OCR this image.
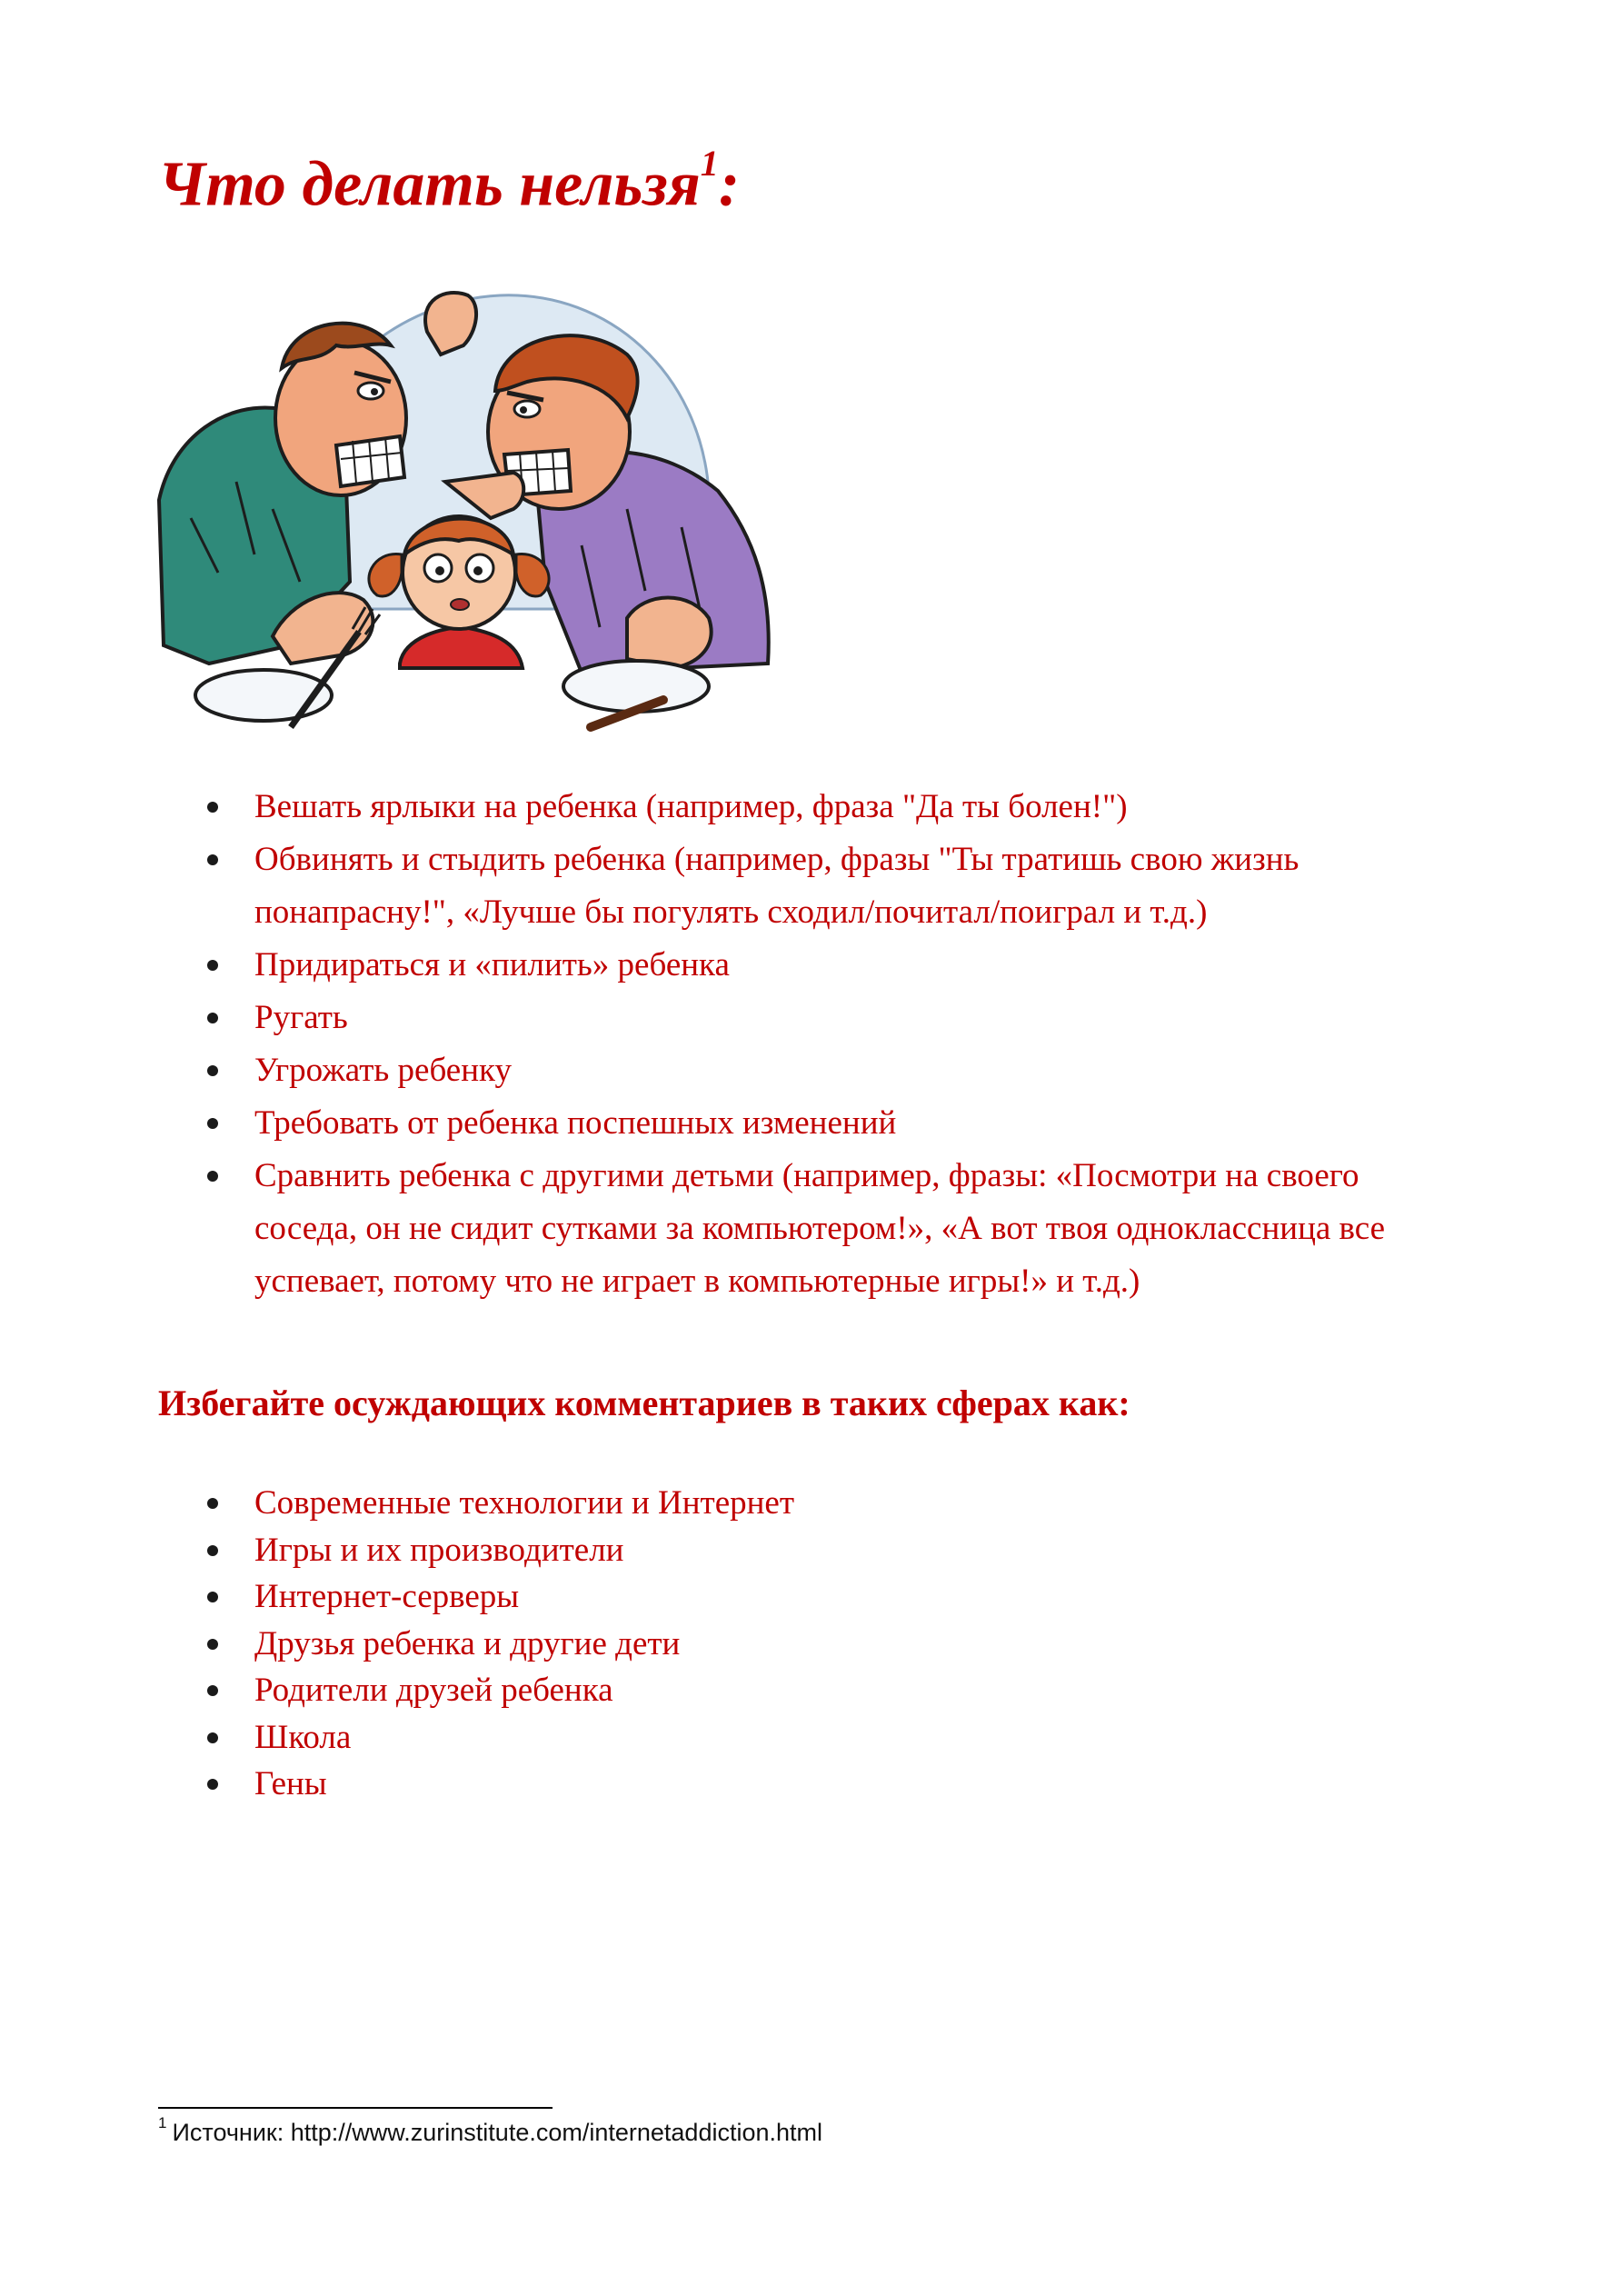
Что делать нельзя$^1$:
Вешать ярлыки на ребенка (например, фраза "Да ты болен!")
Обвинять и стыдить ребенка (например, фразы "Ты тратишь свою жизнь понапрасну!", «Лучше бы погулять сходил/почитал/поиграл и т.д.)
Придираться и «пилить» ребенка
Ругать
Угрожать ребенку
Требовать от ребенка поспешных изменений
Сравнить ребенка с другими детьми (например, фразы: «Посмотри на своего соседа, он не сидит сутками за компьютером!», «А вот твоя одноклассница все успевает, потому что не играет в компьютерные игры!» и т.д.)
Избегайте осуждающих комментариев в таких сферах как:
Современные технологии и Интернет
Игры и их производители
Интернет-серверы
Друзья ребенка и другие дети
Родители друзей ребенка
Школа
Гены
$^1$ Источник: http://www.zurinstitute.com/internetaddiction.html
